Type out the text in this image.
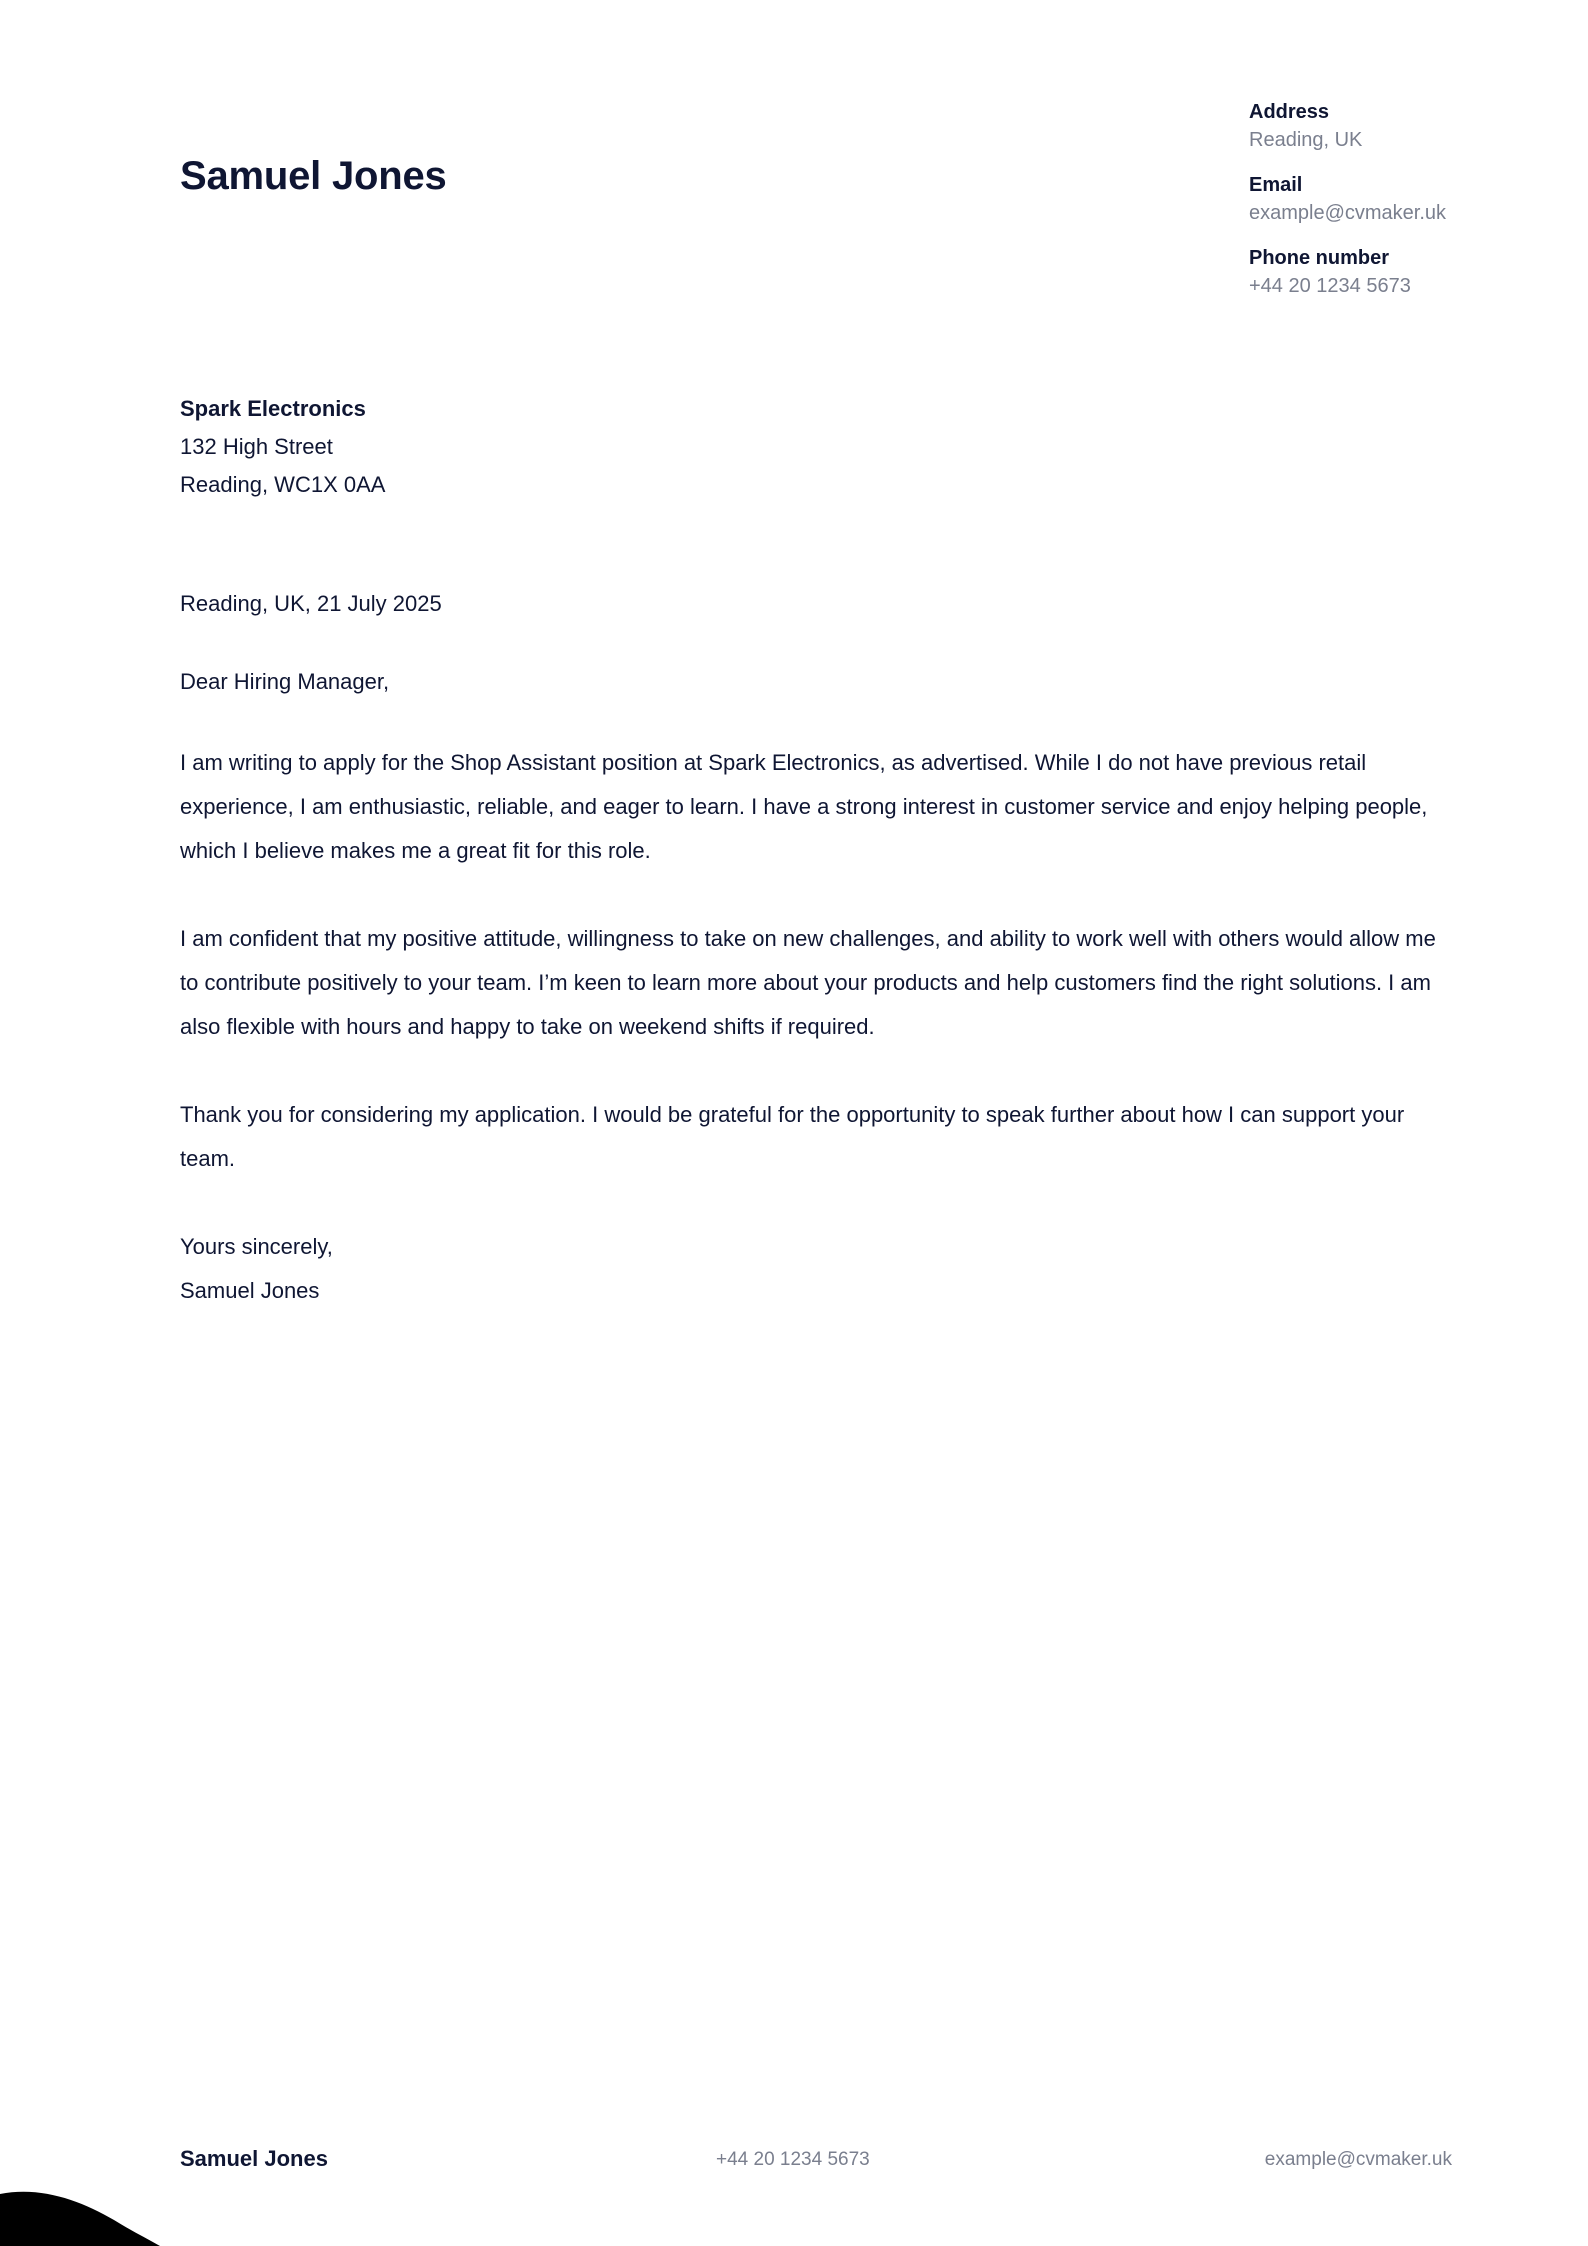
Samuel Jones
Address
Reading, UK
Email
example@cvmaker.uk
Phone number
+44 20 1234 5673
Spark Electronics
132 High Street
Reading, WC1X 0AA

Reading, UK, 21 July 2025

Dear Hiring Manager,

I am writing to apply for the Shop Assistant position at Spark Electronics, as advertised. While I do not have previous retail experience, I am enthusiastic, reliable, and eager to learn. I have a strong interest in customer service and enjoy helping people, which I believe makes me a great fit for this role.

I am confident that my positive attitude, willingness to take on new challenges, and ability to work well with others would allow me to contribute positively to your team. I’m keen to learn more about your products and help customers find the right solutions. I am also flexible with hours and happy to take on weekend shifts if required.

Thank you for considering my application. I would be grateful for the opportunity to speak further about how I can support your team.

Yours sincerely,

Samuel Jones

Samuel Jones	+44 20 1234 5673	example@cvmaker.uk
